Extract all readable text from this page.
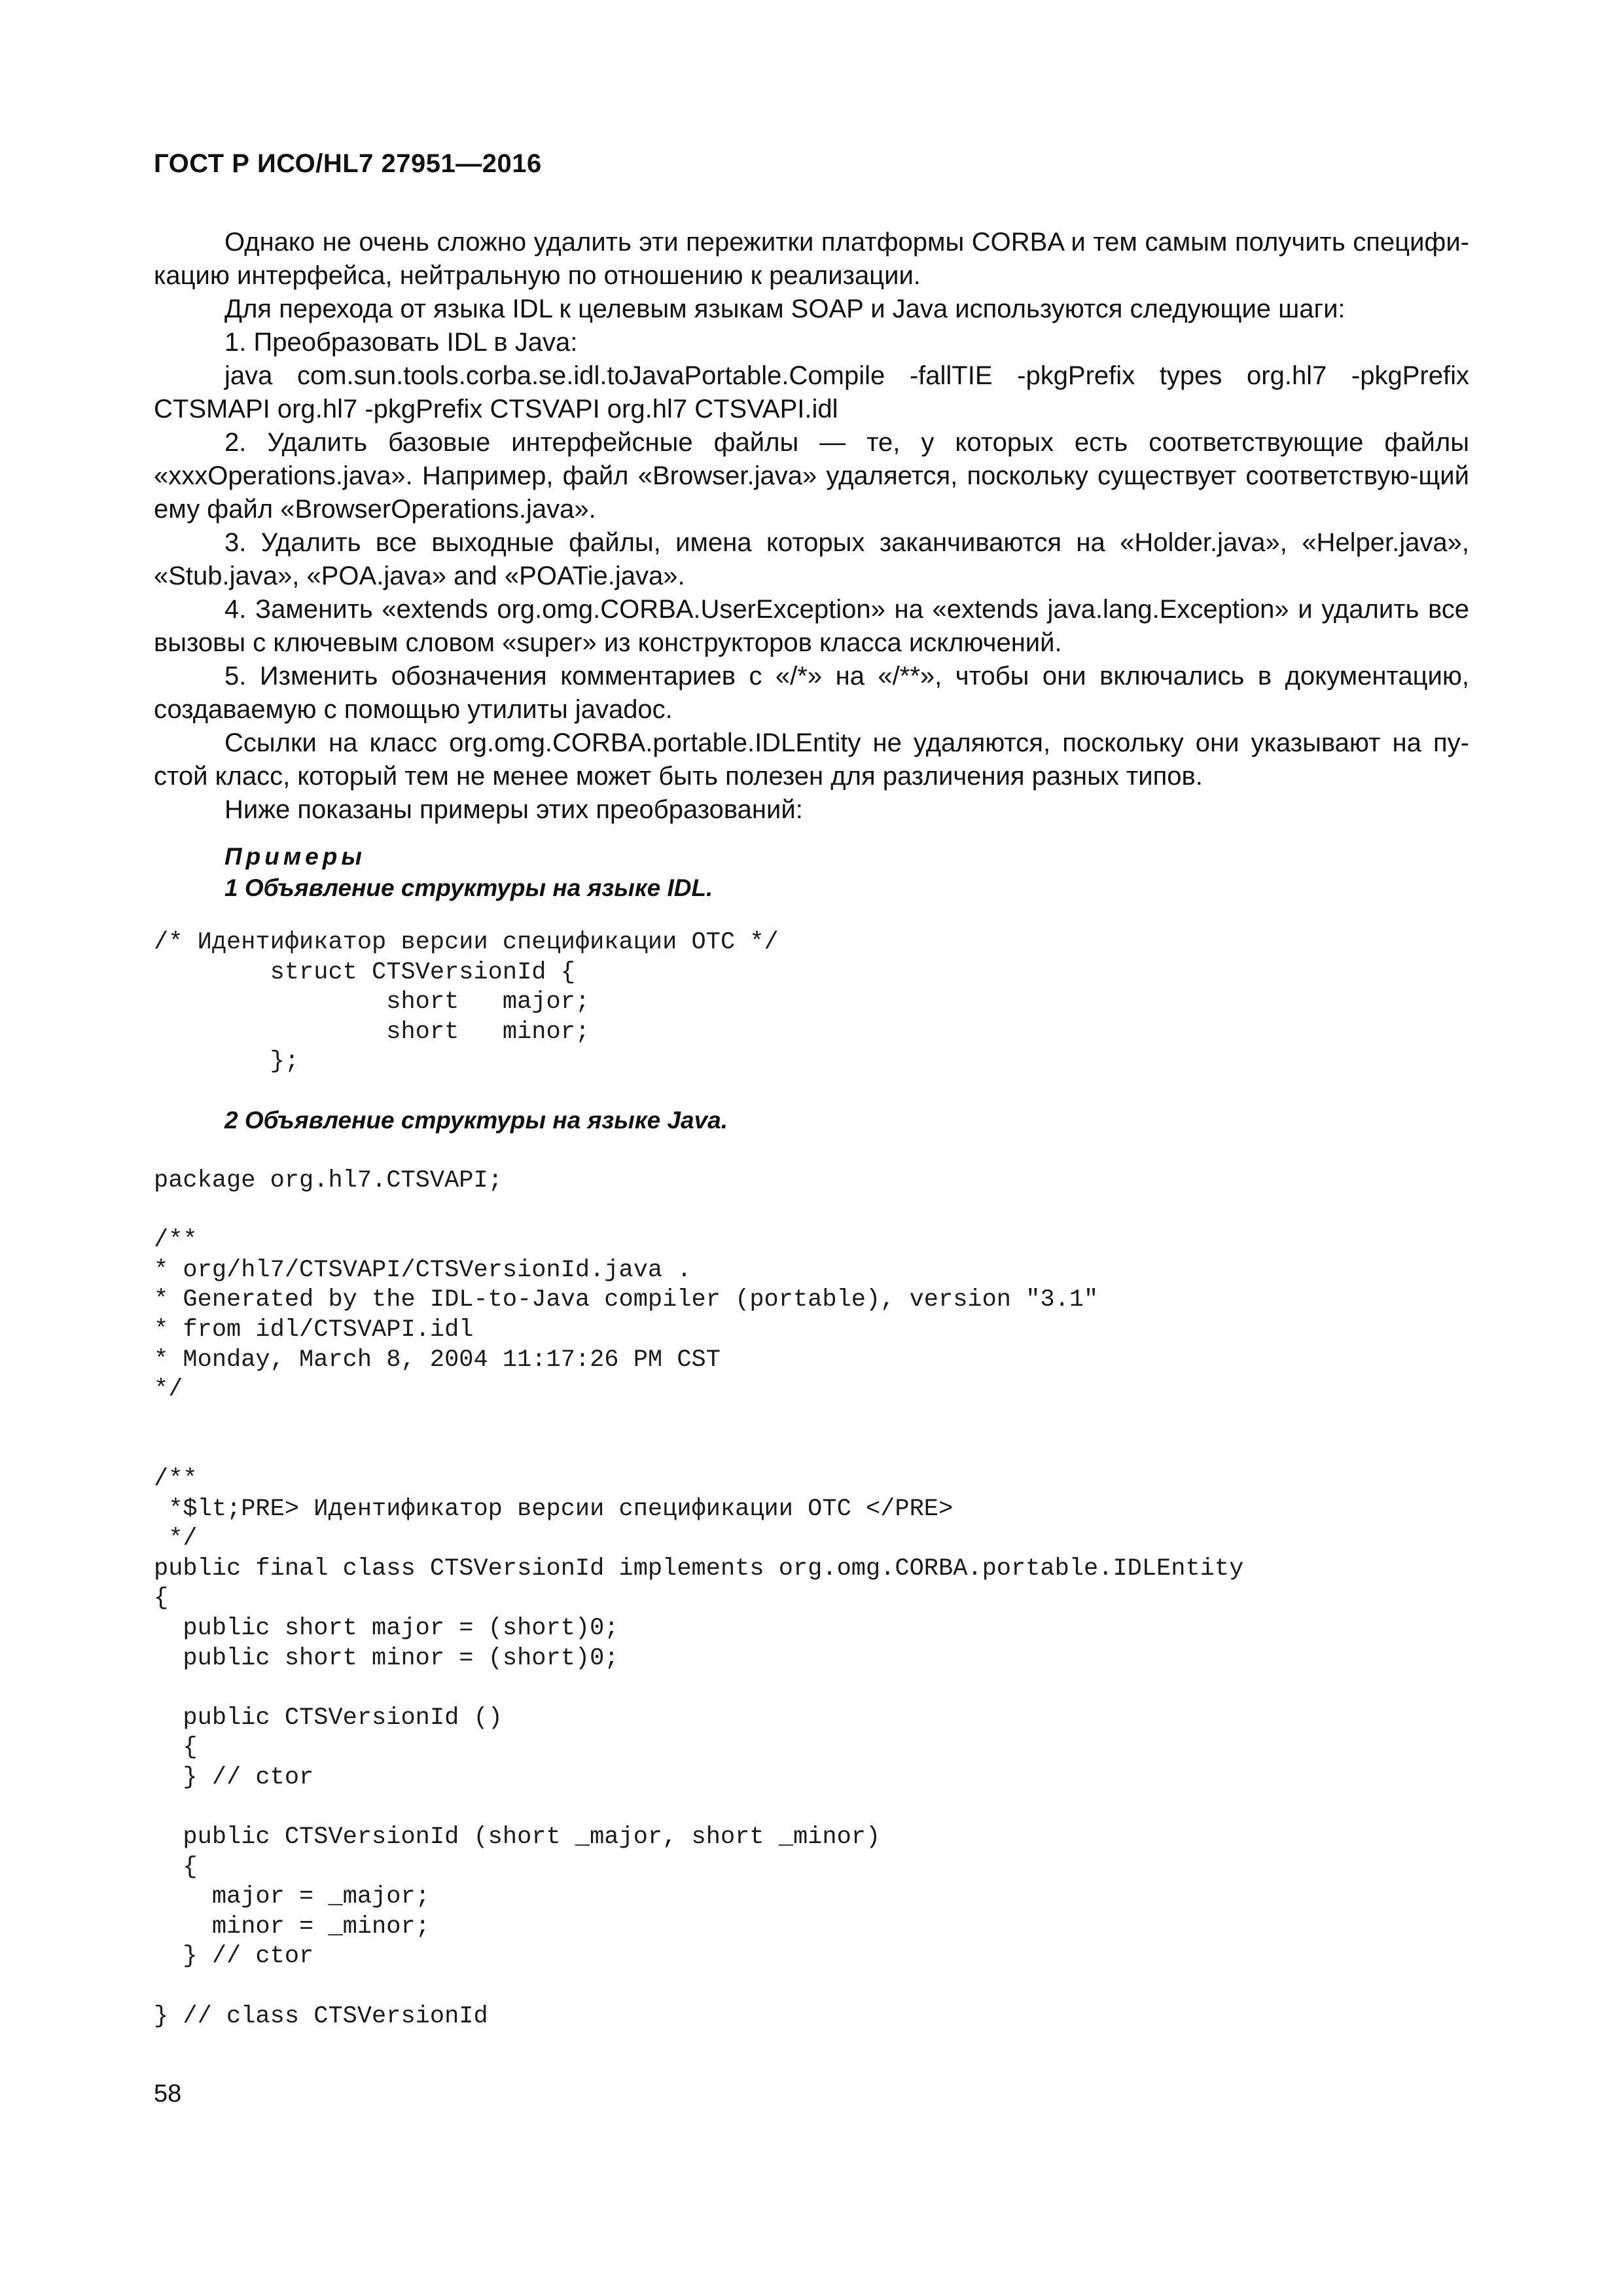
ГОСТ Р ИСО/HL7 27951—2016

Однако не очень сложно удалить эти пережитки платформы CORBA и тем самым получить специфи-кацию интерфейса, нейтральную по отношению к реализации.

Для перехода от языка IDL к целевым языкам SOAP и Java используются следующие шаги:

1. Преобразовать IDL в Java:

java com.sun.tools.corba.se.idl.toJavaPortable.Compile -fallTIE -pkgPrefix types org.hl7 -pkgPrefix CTSMAPI org.hl7 -pkgPrefix CTSVAPI org.hl7 CTSVAPI.idl

2. Удалить базовые интерфейсные файлы — те, у которых есть соответствующие файлы «xxxOperations.java». Например, файл «Browser.java» удаляется, поскольку существует соответствую-щий ему файл «BrowserOperations.java».

3. Удалить все выходные файлы, имена которых заканчиваются на «Holder.java», «Helper.java», «Stub.java», «POA.java» and «POATie.java».

4. Заменить «extends org.omg.CORBA.UserException» на «extends java.lang.Exception» и удалить все вызовы с ключевым словом «super» из конструкторов класса исключений.

5. Изменить обозначения комментариев с «/*» на «/**», чтобы они включались в документацию, создаваемую с помощью утилиты javadoc.

Ссылки на класс org.omg.CORBA.portable.IDLEntity не удаляются, поскольку они указывают на пу-стой класс, который тем не менее может быть полезен для различения разных типов.

Ниже показаны примеры этих преобразований:

Примеры
1 Объявление структуры на языке IDL.
/* Идентификатор версии спецификации OTC */
struct CTSVersionId {
short   major;
short   minor;
};
2 Объявление структуры на языке Java.
package org.hl7.CTSVAPI;

/**
* org/hl7/CTSVAPI/CTSVersionId.java .
* Generated by the IDL-to-Java compiler (portable), version "3.1"
* from idl/CTSVAPI.idl
* Monday, March 8, 2004 11:17:26 PM CST
*/

/**
*$lt;PRE> Идентификатор версии спецификации OTC </PRE>
*/
public final class CTSVersionId implements org.omg.CORBA.portable.IDLEntity
{
public short major = (short)0;
public short minor = (short)0;

public CTSVersionId ()
{
} // ctor

public CTSVersionId (short _major, short _minor)
{
major = _major;
minor = _minor;
} // ctor

} // class CTSVersionId
58
